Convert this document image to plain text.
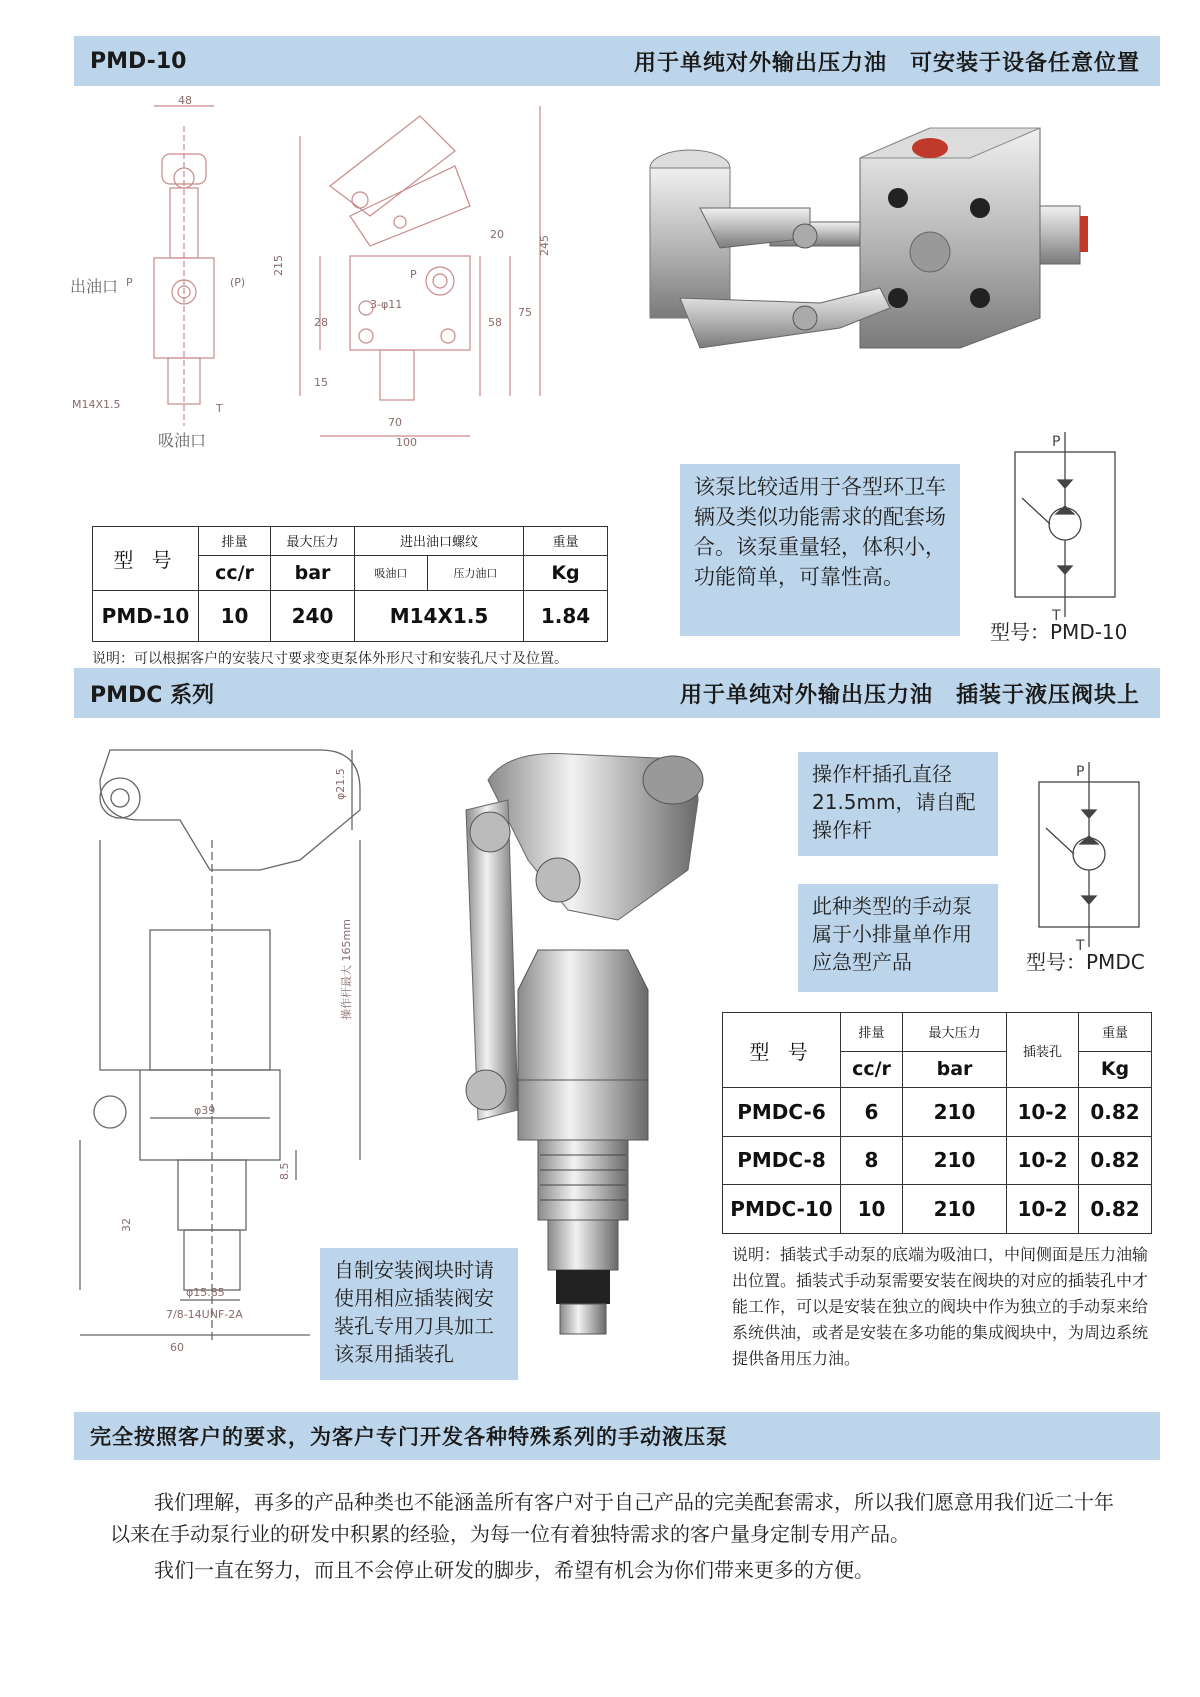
PMD-10	用于单纯对外输出压力油　可安装于设备任意位置
出油口
吸油口
M14X1.5
48
(P)
P
T
215
245
20
70
100
28	58
75
15
3-φ11
P
型 号	排量	最大压力	进出油口螺纹		重量
	cc/r	bar	吸油口	压力油口	Kg
PMD-10	10	240	M14X1.5		1.84
说明：可以根据客户的安装尺寸要求变更泵体外形尺寸和安装孔尺寸及位置。
该泵比较适用于各型环卫车辆及类似功能需求的配套场合。该泵重量轻，体积小，功能简单，可靠性高。
P
T
型号：PMD-10
PMDC 系列	用于单纯对外输出压力油　插装于液压阀块上
φ21.5
操作杆最大 165mm
φ39
8.5
32
φ15.85
7/8-14UNF-2A
60
操作杆插孔直径 21.5mm，请自配操作杆
此种类型的手动泵属于小排量单作用应急型产品
自制安装阀块时请使用相应插装阀安装孔专用刀具加工该泵用插装孔
P
T
型号：PMDC
型 号	排量	最大压力	插装孔	重量
	cc/r	bar		Kg
PMDC-6	6	210	10-2	0.82
PMDC-8	8	210	10-2	0.82
PMDC-10	10	210	10-2	0.82
说明：插装式手动泵的底端为吸油口，中间侧面是压力油输出位置。插装式手动泵需要安装在阀块的对应的插装孔中才能工作，可以是安装在独立的阀块中作为独立的手动泵来给系统供油，或者是安装在多功能的集成阀块中，为周边系统提供备用压力油。
完全按照客户的要求，为客户专门开发各种特殊系列的手动液压泵
我们理解，再多的产品种类也不能涵盖所有客户对于自己产品的完美配套需求，所以我们愿意用我们近二十年以来在手动泵行业的研发中积累的经验，为每一位有着独特需求的客户量身定制专用产品。
我们一直在努力，而且不会停止研发的脚步，希望有机会为你们带来更多的方便。
